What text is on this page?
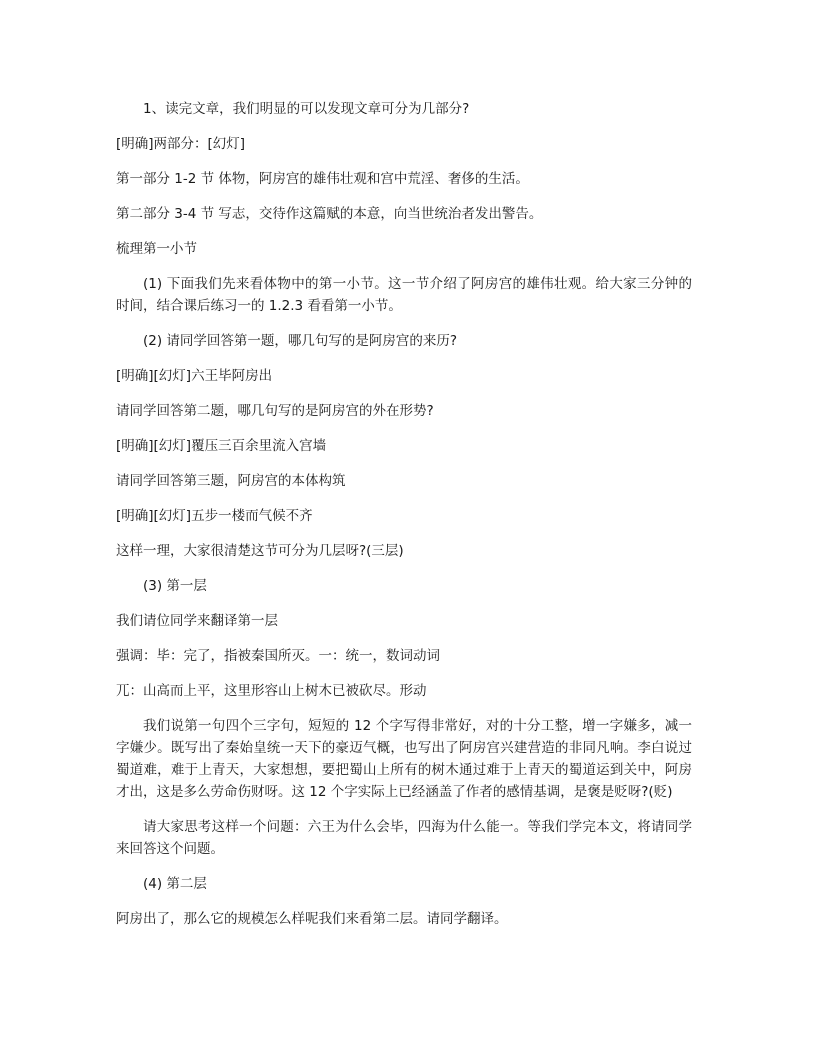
1、读完文章，我们明显的可以发现文章可分为几部分?

[明确]两部分：[幻灯]

第一部分 1-2 节 体物，阿房宫的雄伟壮观和宫中荒淫、奢侈的生活。

第二部分 3-4 节 写志，交待作这篇赋的本意，向当世统治者发出警告。

梳理第一小节

(1) 下面我们先来看体物中的第一小节。这一节介绍了阿房宫的雄伟壮观。给大家三分钟的时间，结合课后练习一的 1.2.3 看看第一小节。

(2) 请同学回答第一题，哪几句写的是阿房宫的来历?

[明确][幻灯]六王毕阿房出

请同学回答第二题，哪几句写的是阿房宫的外在形势?

[明确][幻灯]覆压三百余里流入宫墙

请同学回答第三题，阿房宫的本体构筑

[明确][幻灯]五步一楼而气候不齐

这样一理，大家很清楚这节可分为几层呀?(三层)

(3) 第一层

我们请位同学来翻译第一层

强调：毕：完了，指被秦国所灭。一：统一，数词动词

兀：山高而上平，这里形容山上树木已被砍尽。形动

我们说第一句四个三字句，短短的 12 个字写得非常好，对的十分工整，增一字嫌多，减一字嫌少。既写出了秦始皇统一天下的豪迈气概，也写出了阿房宫兴建营造的非同凡响。李白说过蜀道难，难于上青天，大家想想，要把蜀山上所有的树木通过难于上青天的蜀道运到关中，阿房才出，这是多么劳命伤财呀。这 12 个字实际上已经涵盖了作者的感情基调，是褒是贬呀?(贬)

请大家思考这样一个问题：六王为什么会毕，四海为什么能一。等我们学完本文，将请同学来回答这个问题。

(4) 第二层

阿房出了，那么它的规模怎么样呢我们来看第二层。请同学翻译。
